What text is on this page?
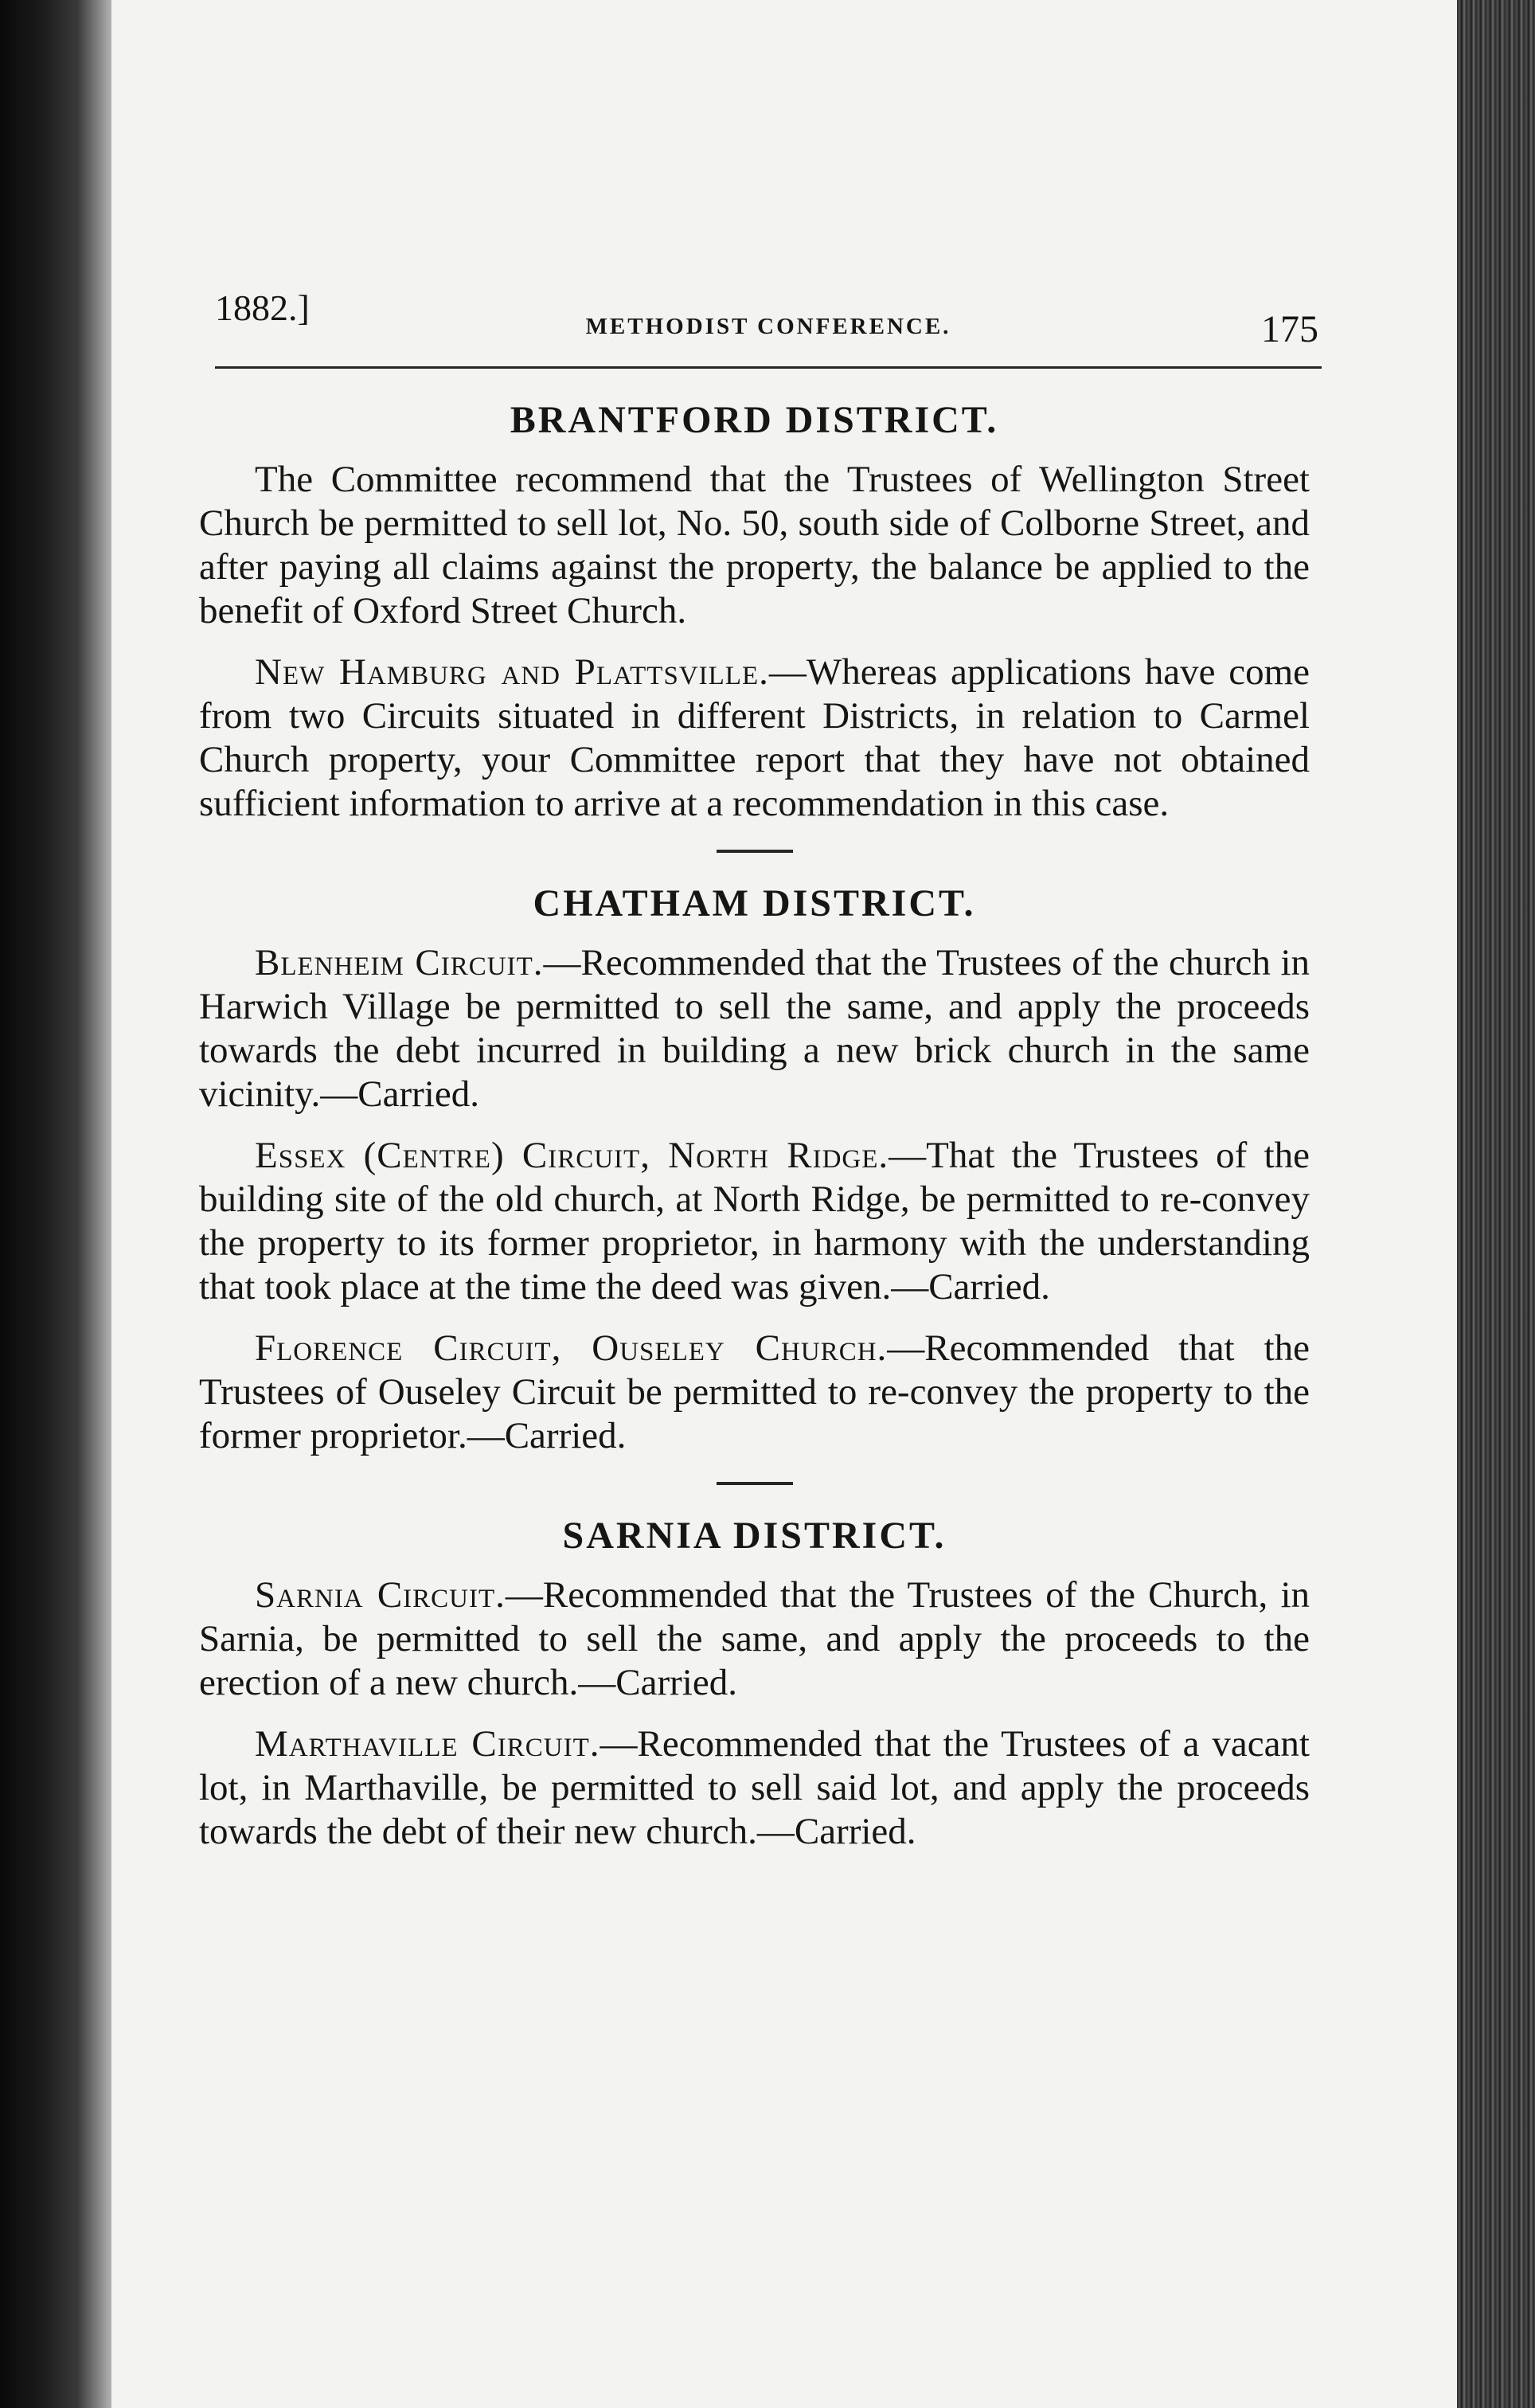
1882.]	METHODIST CONFERENCE.	175
BRANTFORD DISTRICT.

The Committee recommend that the Trustees of Wellington Street Church be permitted to sell lot, No. 50, south side of Colborne Street, and after paying all claims against the property, the balance be applied to the benefit of Oxford Street Church.

New Hamburg and Plattsville.—Whereas applications have come from two Circuits situated in different Districts, in relation to Carmel Church property, your Committee report that they have not obtained sufficient information to arrive at a recommendation in this case.

CHATHAM DISTRICT.

Blenheim Circuit.—Recommended that the Trustees of the church in Harwich Village be permitted to sell the same, and apply the proceeds towards the debt incurred in building a new brick church in the same vicinity.—Carried.

Essex (Centre) Circuit, North Ridge.—That the Trustees of the building site of the old church, at North Ridge, be permitted to re-convey the property to its former proprietor, in harmony with the understanding that took place at the time the deed was given.—Carried.

Florence Circuit, Ouseley Church.—Recommended that the Trustees of Ouseley Circuit be permitted to re-convey the property to the former proprietor.—Carried.

SARNIA DISTRICT.

Sarnia Circuit.—Recommended that the Trustees of the Church, in Sarnia, be permitted to sell the same, and apply the proceeds to the erection of a new church.—Carried.

Marthaville Circuit.—Recommended that the Trustees of a vacant lot, in Marthaville, be permitted to sell said lot, and apply the proceeds towards the debt of their new church.—Carried.
